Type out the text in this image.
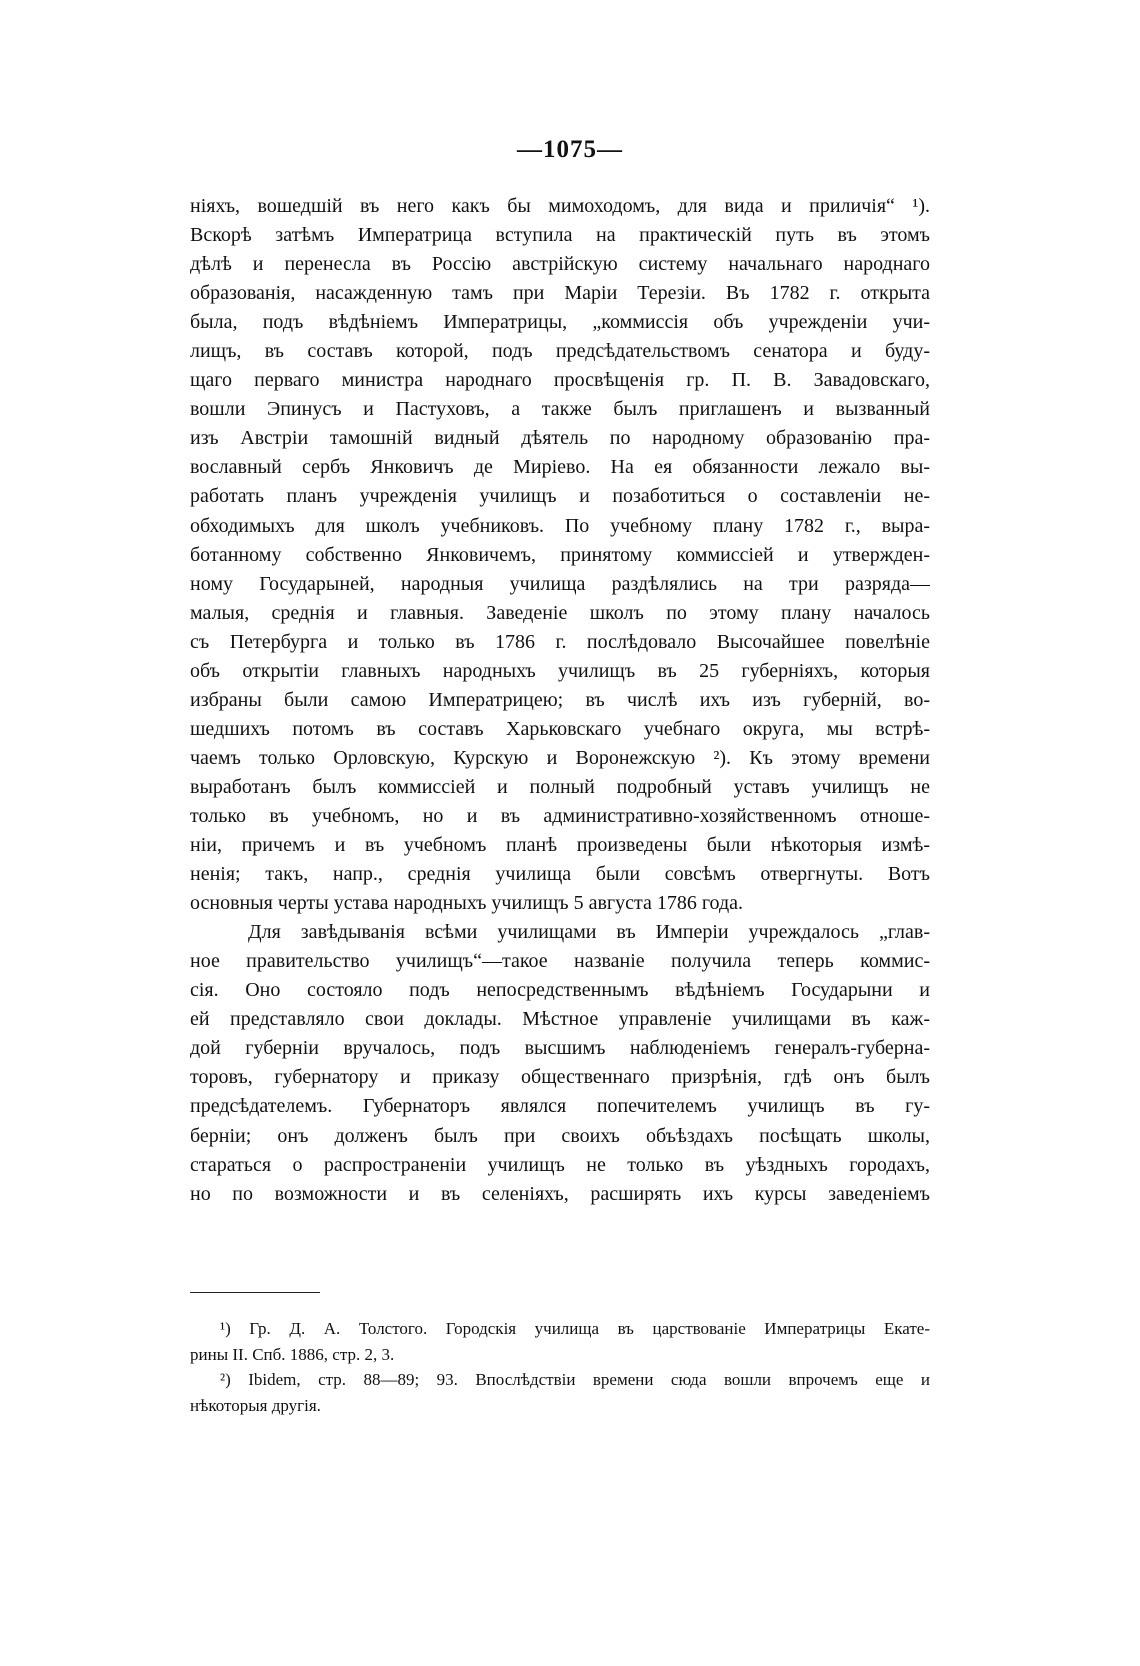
—1075—
ніяхъ, вошедшій въ него какъ бы мимоходомъ, для вида и приличія“ ¹).
Вскорѣ затѣмъ Императрица вступила на практическій путь въ этомъ
дѣлѣ и перенесла въ Россію австрійскую систему начальнаго народнаго
образованія, насажденную тамъ при Маріи Терезіи. Въ 1782 г. открыта
была, подъ вѣдѣніемъ Императрицы, „коммиссія объ учрежденіи учи-
лищъ, въ составъ которой, подъ предсѣдательствомъ сенатора и буду-
щаго перваго министра народнаго просвѣщенія гр. П. В. Завадовскаго,
вошли Эпинусъ и Пастуховъ, а также былъ приглашенъ и вызванный
изъ Австріи тамошній видный дѣятель по народному образованію пра-
вославный сербъ Янковичъ де Миріево. На ея обязанности лежало вы-
работать планъ учрежденія училищъ и позаботиться о составленіи не-
обходимыхъ для школъ учебниковъ. По учебному плану 1782 г., выра-
ботанному собственно Янковичемъ, принятому коммиссіей и утвержден-
ному Государыней, народныя училища раздѣлялись на три разряда—
малыя, среднія и главныя. Заведеніе школъ по этому плану началось
съ Петербурга и только въ 1786 г. послѣдовало Высочайшее повелѣніе
объ открытіи главныхъ народныхъ училищъ въ 25 губерніяхъ, которыя
избраны были самою Императрицею; въ числѣ ихъ изъ губерній, во-
шедшихъ потомъ въ составъ Харьковскаго учебнаго округа, мы встрѣ-
чаемъ только Орловскую, Курскую и Воронежскую ²). Къ этому времени
выработанъ былъ коммиссіей и полный подробный уставъ училищъ не
только въ учебномъ, но и въ административно-хозяйственномъ отноше-
ніи, причемъ и въ учебномъ планѣ произведены были нѣкоторыя измѣ-
ненія; такъ, напр., среднія училища были совсѣмъ отвергнуты. Вотъ
основныя черты устава народныхъ училищъ 5 августа 1786 года.
Для завѣдыванія всѣми училищами въ Имперіи учреждалось „глав-
ное правительство училищъ“—такое названіе получила теперь коммис-
сія. Оно состояло подъ непосредственнымъ вѣдѣніемъ Государыни и
ей представляло свои доклады. Мѣстное управленіе училищами въ каж-
дой губерніи вручалось, подъ высшимъ наблюденіемъ генералъ-губерна-
торовъ, губернатору и приказу общественнаго призрѣнія, гдѣ онъ былъ
предсѣдателемъ. Губернаторъ являлся попечителемъ училищъ въ гу-
берніи; онъ долженъ былъ при своихъ объѣздахъ посѣщать школы,
стараться о распространеніи училищъ не только въ уѣздныхъ городахъ,
но по возможности и въ селеніяхъ, расширять ихъ курсы заведеніемъ
¹) Гр. Д. А. Толстого. Городскія училища въ царствованіе Императрицы Екате-
рины II. Спб. 1886, стр. 2, 3.
²) Ibidem, стр. 88—89; 93. Впослѣдствіи времени сюда вошли впрочемъ еще и
нѣкоторыя другія.
